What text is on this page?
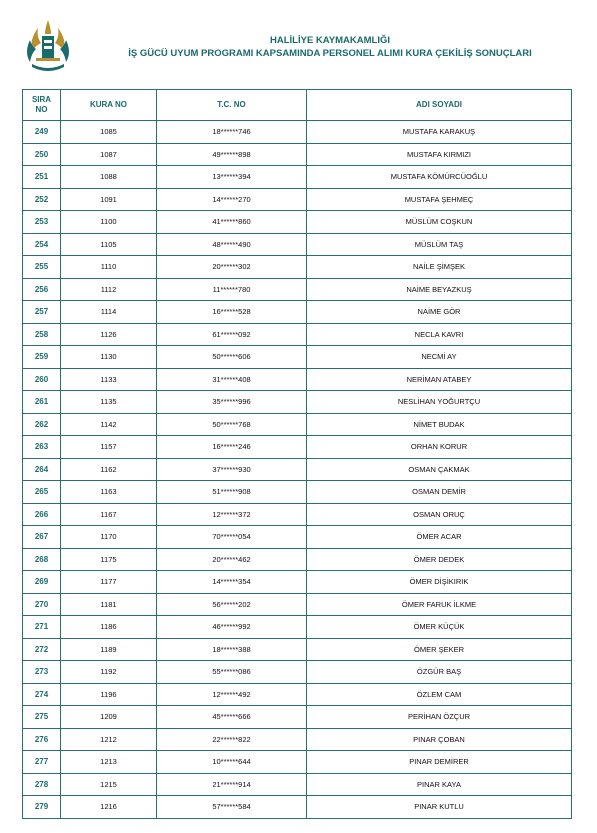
HALİLİYE KAYMAKAMLIĞI
İŞ GÜCÜ UYUM PROGRAMI KAPSAMINDA PERSONEL ALIMI KURA ÇEKİLİŞ SONUÇLARI
SIRA
NO	KURA NO	T.C. NO	ADI SOYADI
249	1085	18******746	MUSTAFA KARAKUŞ
250	1087	49******898	MUSTAFA KIRMIZI
251	1088	13******394	MUSTAFA KÖMÜRCÜOĞLU
252	1091	14******270	MUSTAFA ŞEHMEÇ
253	1100	41******860	MÜSLÜM COŞKUN
254	1105	48******490	MÜSLÜM TAŞ
255	1110	20******302	NAİLE ŞİMŞEK
256	1112	11******780	NAİME BEYAZKUŞ
257	1114	16******528	NAİME GÖR
258	1126	61******092	NECLA KAVRI
259	1130	50******606	NECMİ AY
260	1133	31******408	NERİMAN ATABEY
261	1135	35******996	NESLİHAN YOĞURTÇU
262	1142	50******768	NİMET BUDAK
263	1157	16******246	ORHAN KORUR
264	1162	37******930	OSMAN ÇAKMAK
265	1163	51******908	OSMAN DEMİR
266	1167	12******372	OSMAN ORUÇ
267	1170	70******054	ÖMER ACAR
268	1175	20******462	ÖMER DEDEK
269	1177	14******354	ÖMER DİŞİKIRIK
270	1181	56******202	ÖMER FARUK İLKME
271	1186	46******992	ÖMER KÜÇÜK
272	1189	18******388	ÖMER ŞEKER
273	1192	55******086	ÖZGÜR BAŞ
274	1196	12******492	ÖZLEM CAM
275	1209	45******666	PERİHAN ÖZÇUR
276	1212	22******822	PINAR ÇOBAN
277	1213	10******644	PINAR DEMİRER
278	1215	21******914	PINAR KAYA
279	1216	57******584	PINAR KUTLU
